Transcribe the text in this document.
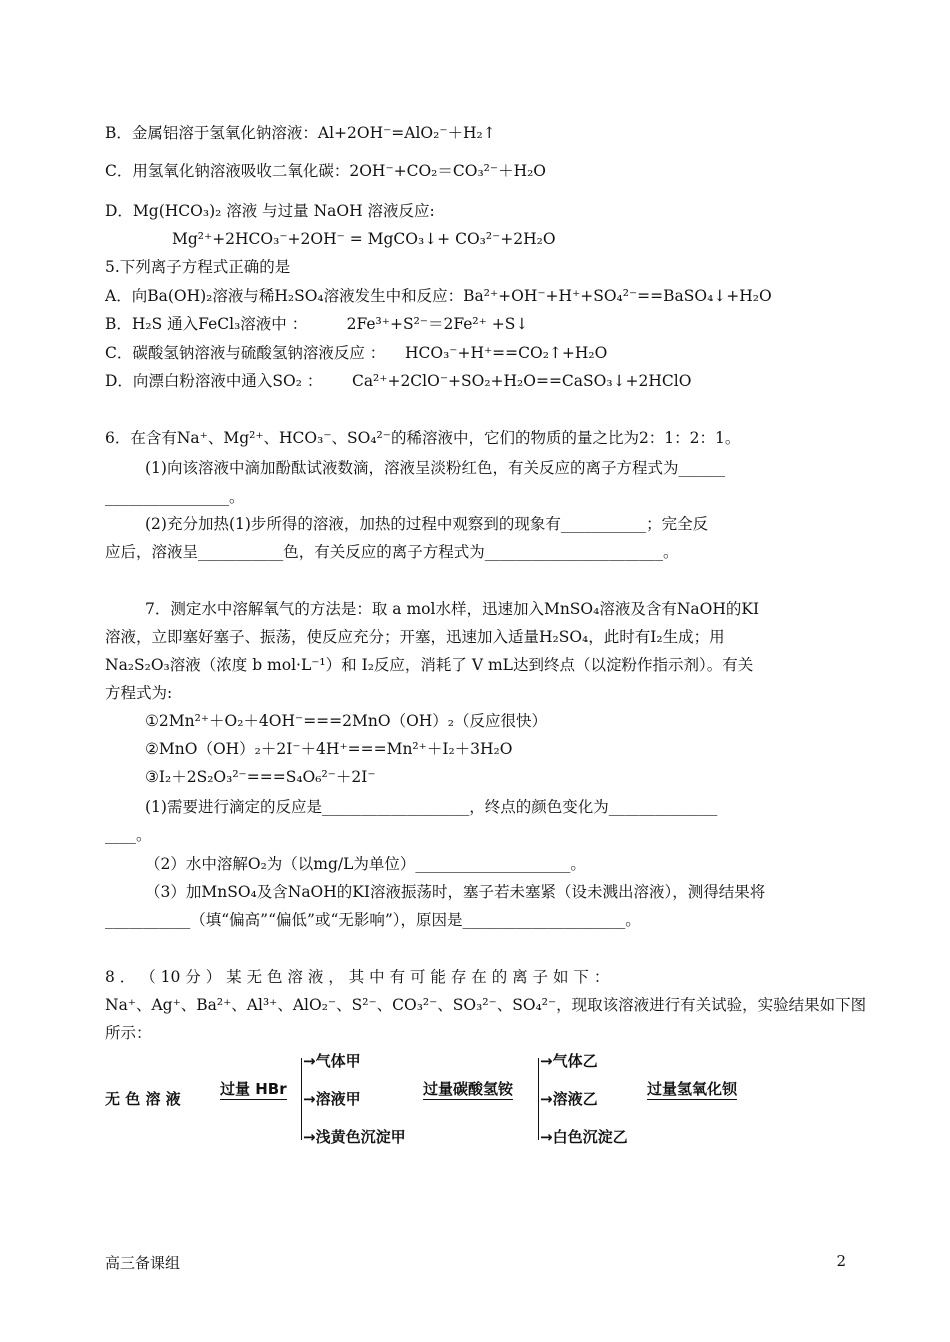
B．金属铝溶于氢氧化钠溶液：Al+2OH⁻=AlO₂⁻＋H₂↑
C．用氢氧化钠溶液吸收二氧化碳：2OH⁻+CO₂＝CO₃²⁻＋H₂O
D．Mg(HCO₃)₂ 溶液 与过量 NaOH 溶液反应:
Mg²⁺+2HCO₃⁻+2OH⁻ = MgCO₃↓+ CO₃²⁻+2H₂O
5.下列离子方程式正确的是
A．向Ba(OH)₂溶液与稀H₂SO₄溶液发生中和反应：Ba²⁺+OH⁻+H⁺+SO₄²⁻==BaSO₄↓+H₂O
B．H₂S 通入FeCl₃溶液中 ：        2Fe³⁺+S²⁻＝2Fe²⁺ +S↓
C．碳酸氢钠溶液与硫酸氢钠溶液反应 ：    HCO₃⁻+H⁺==CO₂↑+H₂O
D．向漂白粉溶液中通入SO₂ ：      Ca²⁺+2ClO⁻+SO₂+H₂O==CaSO₃↓+2HClO
6．在含有Na⁺、Mg²⁺、HCO₃⁻、SO₄²⁻的稀溶液中，它们的物质的量之比为2：1：2：1。
(1)向该溶液中滴加酚酞试液数滴，溶液呈淡粉红色，有关反应的离子方程式为______
________________。
(2)充分加热(1)步所得的溶液，加热的过程中观察到的现象有___________；完全反
应后，溶液呈___________色，有关反应的离子方程式为_______________________。
7．测定水中溶解氧气的方法是：取 a mol水样，迅速加入MnSO₄溶液及含有NaOH的KI
溶液，立即塞好塞子、振荡，使反应充分；开塞，迅速加入适量H₂SO₄，此时有I₂生成；用
Na₂S₂O₃溶液（浓度 b mol·L⁻¹）和 I₂反应，消耗了 V mL达到终点（以淀粉作指示剂）。有关
方程式为:
①2Mn²⁺＋O₂＋4OH⁻===2MnO（OH）₂（反应很快）
②MnO（OH）₂＋2I⁻＋4H⁺===Mn²⁺＋I₂＋3H₂O
③I₂＋2S₂O₃²⁻===S₄O₆²⁻＋2I⁻
(1)需要进行滴定的反应是___________________，终点的颜色变化为______________
____。
（2）水中溶解O₂为（以mg/L为单位）____________________。
（3）加MnSO₄及含NaOH的KI溶液振荡时，塞子若未塞紧（设未溅出溶液），测得结果将
___________（填“偏高”“偏低”或“无影响”），原因是_____________________。
8 ． （ 10 分 ） 某 无 色 溶 液 ， 其 中 有 可 能 存 在 的 离 子 如 下 ：
Na⁺、Ag⁺、Ba²⁺、Al³⁺、AlO₂⁻、S²⁻、CO₃²⁻、SO₃²⁻、SO₄²⁻，现取该溶液进行有关试验，实验结果如下图
所示：
无 色 溶 液
过量 HBr
→气体甲
→溶液甲
→浅黄色沉淀甲
过量碳酸氢铵
→气体乙
→溶液乙
→白色沉淀乙
过量氢氧化钡
高三备课组	2
